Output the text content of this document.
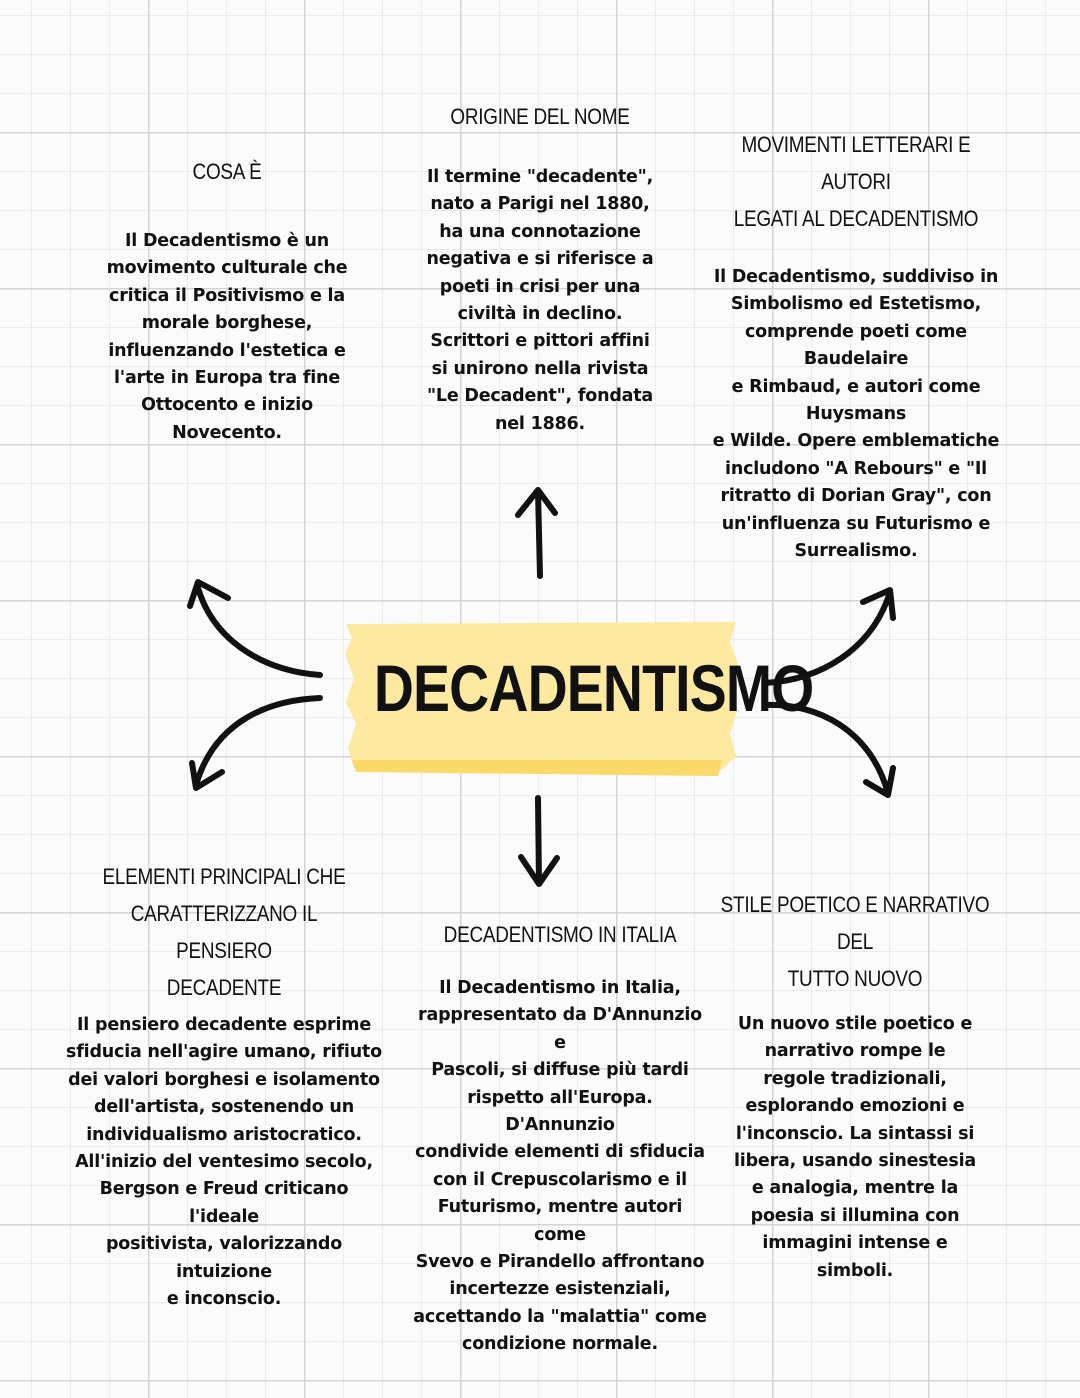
DECADENTISMO

COSA È

Il Decadentismo è un
movimento culturale che
critica il Positivismo e la
morale borghese,
influenzando l'estetica e
l'arte in Europa tra fine
Ottocento e inizio
Novecento.

ORIGINE DEL NOME

Il termine "decadente",
nato a Parigi nel 1880,
ha una connotazione
negativa e si riferisce a
poeti in crisi per una
civiltà in declino.
Scrittori e pittori affini
si unirono nella rivista
"Le Decadent", fondata
nel 1886.

MOVIMENTI LETTERARI E AUTORI
LEGATI AL DECADENTISMO

Il Decadentismo, suddiviso in
Simbolismo ed Estetismo,
comprende poeti come Baudelaire
e Rimbaud, e autori come Huysmans
e Wilde. Opere emblematiche
includono "A Rebours" e "Il
ritratto di Dorian Gray", con
un'influenza su Futurismo e
Surrealismo.

ELEMENTI PRINCIPALI CHE
CARATTERIZZANO IL PENSIERO
DECADENTE

Il pensiero decadente esprime
sfiducia nell'agire umano, rifiuto
dei valori borghesi e isolamento
dell'artista, sostenendo un
individualismo aristocratico.
All'inizio del ventesimo secolo,
Bergson e Freud criticano l'ideale
positivista, valorizzando intuizione
e inconscio.

DECADENTISMO IN ITALIA

Il Decadentismo in Italia,
rappresentato da D'Annunzio e
Pascoli, si diffuse più tardi
rispetto all'Europa. D'Annunzio
condivide elementi di sfiducia
con il Crepuscolarismo e il
Futurismo, mentre autori come
Svevo e Pirandello affrontano
incertezze esistenziali,
accettando la "malattia" come
condizione normale.

STILE POETICO E NARRATIVO DEL
TUTTO NUOVO

Un nuovo stile poetico e
narrativo rompe le
regole tradizionali,
esplorando emozioni e
l'inconscio. La sintassi si
libera, usando sinestesia
e analogia, mentre la
poesia si illumina con
immagini intense e
simboli.
